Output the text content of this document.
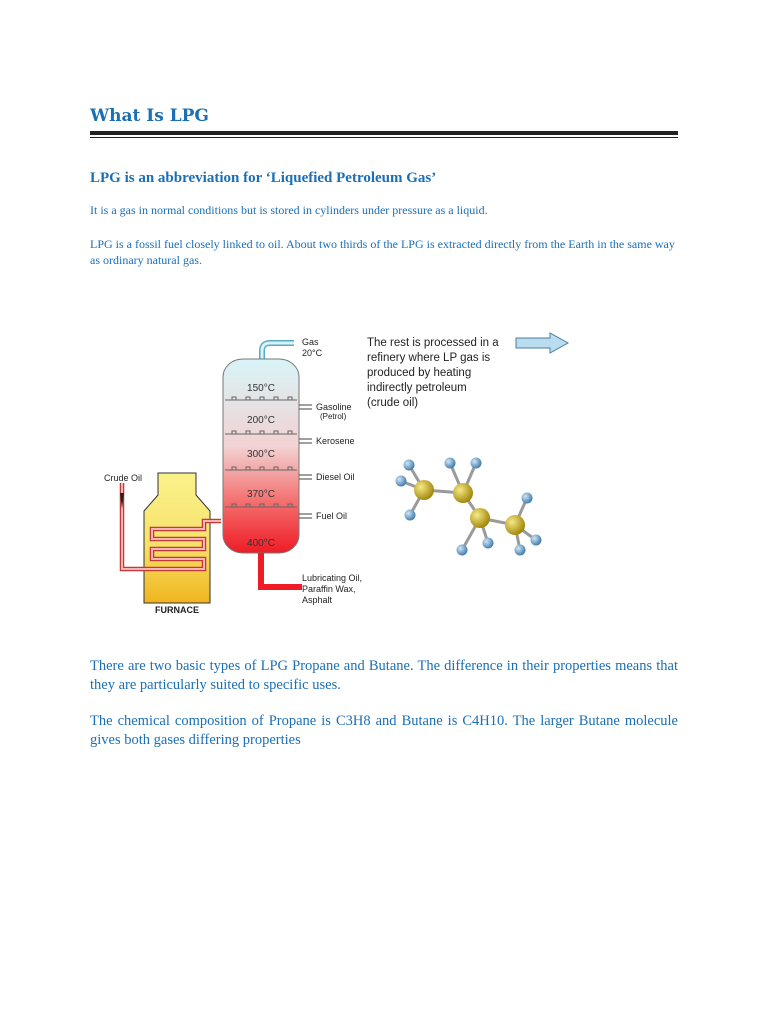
What Is LPG
LPG is an abbreviation for ‘Liquefied Petroleum Gas’

It is a gas in normal conditions but is stored in cylinders under pressure as a liquid.

LPG is a fossil fuel closely linked to oil. About two thirds of the LPG is extracted directly from the Earth in the same way as ordinary natural gas.

FURNACE
Crude Oil
150°C
200°C
300°C
370°C
400°C
Gas
20°C
Gasoline
(Petrol)
Kerosene
Diesel Oil
Fuel Oil
Lubricating Oil,
Paraffin Wax,
Asphalt
The rest is processed in a
refinery where LP gas is
produced by heating
indirectly petroleum
(crude oil)

There are two basic types of LPG Propane and Butane. The difference in their properties means that they are particularly suited to specific uses.

The chemical composition of Propane is C3H8 and Butane is C4H10. The larger Butane molecule gives both gases differing properties
